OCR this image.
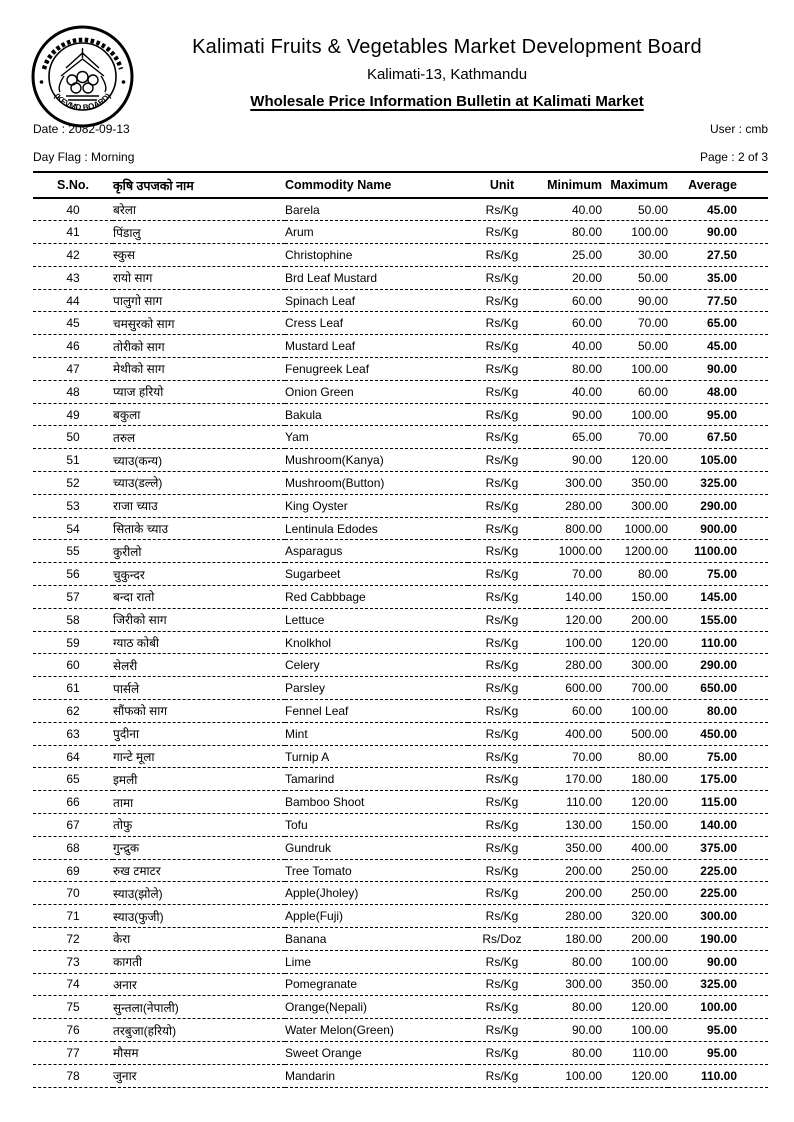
(KFVMD BOARD)
Kalimati Fruits & Vegetables Market Development Board
Kalimati-13, Kathmandu
Wholesale Price Information Bulletin at Kalimati Market
Date : 2082-09-13	User : cmb
Day Flag : Morning	Page : 2 of 3
S.No.	कृषि उपजको नाम	Commodity Name	Unit	Minimum	Maximum	Average
40	बरेला	Barela	Rs/Kg	40.00	50.00	45.00
41	पिंडालु	Arum	Rs/Kg	80.00	100.00	90.00
42	स्कुस	Christophine	Rs/Kg	25.00	30.00	27.50
43	रायो साग	Brd Leaf Mustard	Rs/Kg	20.00	50.00	35.00
44	पालुगो साग	Spinach Leaf	Rs/Kg	60.00	90.00	77.50
45	चमसुरको साग	Cress Leaf	Rs/Kg	60.00	70.00	65.00
46	तोरीको साग	Mustard Leaf	Rs/Kg	40.00	50.00	45.00
47	मेथीको साग	Fenugreek Leaf	Rs/Kg	80.00	100.00	90.00
48	प्याज हरियो	Onion Green	Rs/Kg	40.00	60.00	48.00
49	बकुला	Bakula	Rs/Kg	90.00	100.00	95.00
50	तरुल	Yam	Rs/Kg	65.00	70.00	67.50
51	च्याउ(कन्य)	Mushroom(Kanya)	Rs/Kg	90.00	120.00	105.00
52	च्याउ(डल्ले)	Mushroom(Button)	Rs/Kg	300.00	350.00	325.00
53	राजा च्याउ	King Oyster	Rs/Kg	280.00	300.00	290.00
54	सिताके च्याउ	Lentinula Edodes	Rs/Kg	800.00	1000.00	900.00
55	कुरीलो	Asparagus	Rs/Kg	1000.00	1200.00	1100.00
56	चुकुन्दर	Sugarbeet	Rs/Kg	70.00	80.00	75.00
57	बन्दा रातो	Red Cabbbage	Rs/Kg	140.00	150.00	145.00
58	जिरीको साग	Lettuce	Rs/Kg	120.00	200.00	155.00
59	ग्याठ कोबी	Knolkhol	Rs/Kg	100.00	120.00	110.00
60	सेलरी	Celery	Rs/Kg	280.00	300.00	290.00
61	पार्सले	Parsley	Rs/Kg	600.00	700.00	650.00
62	सौंफको साग	Fennel Leaf	Rs/Kg	60.00	100.00	80.00
63	पुदीना	Mint	Rs/Kg	400.00	500.00	450.00
64	गान्टे मूला	Turnip A	Rs/Kg	70.00	80.00	75.00
65	इमली	Tamarind	Rs/Kg	170.00	180.00	175.00
66	तामा	Bamboo Shoot	Rs/Kg	110.00	120.00	115.00
67	तोफु	Tofu	Rs/Kg	130.00	150.00	140.00
68	गुन्द्रुक	Gundruk	Rs/Kg	350.00	400.00	375.00
69	रुख टमाटर	Tree Tomato	Rs/Kg	200.00	250.00	225.00
70	स्याउ(झोले)	Apple(Jholey)	Rs/Kg	200.00	250.00	225.00
71	स्याउ(फुजी)	Apple(Fuji)	Rs/Kg	280.00	320.00	300.00
72	केरा	Banana	Rs/Doz	180.00	200.00	190.00
73	कागती	Lime	Rs/Kg	80.00	100.00	90.00
74	अनार	Pomegranate	Rs/Kg	300.00	350.00	325.00
75	सुन्तला(नेपाली)	Orange(Nepali)	Rs/Kg	80.00	120.00	100.00
76	तरबुजा(हरियो)	Water Melon(Green)	Rs/Kg	90.00	100.00	95.00
77	मौसम	Sweet Orange	Rs/Kg	80.00	110.00	95.00
78	जुनार	Mandarin	Rs/Kg	100.00	120.00	110.00
